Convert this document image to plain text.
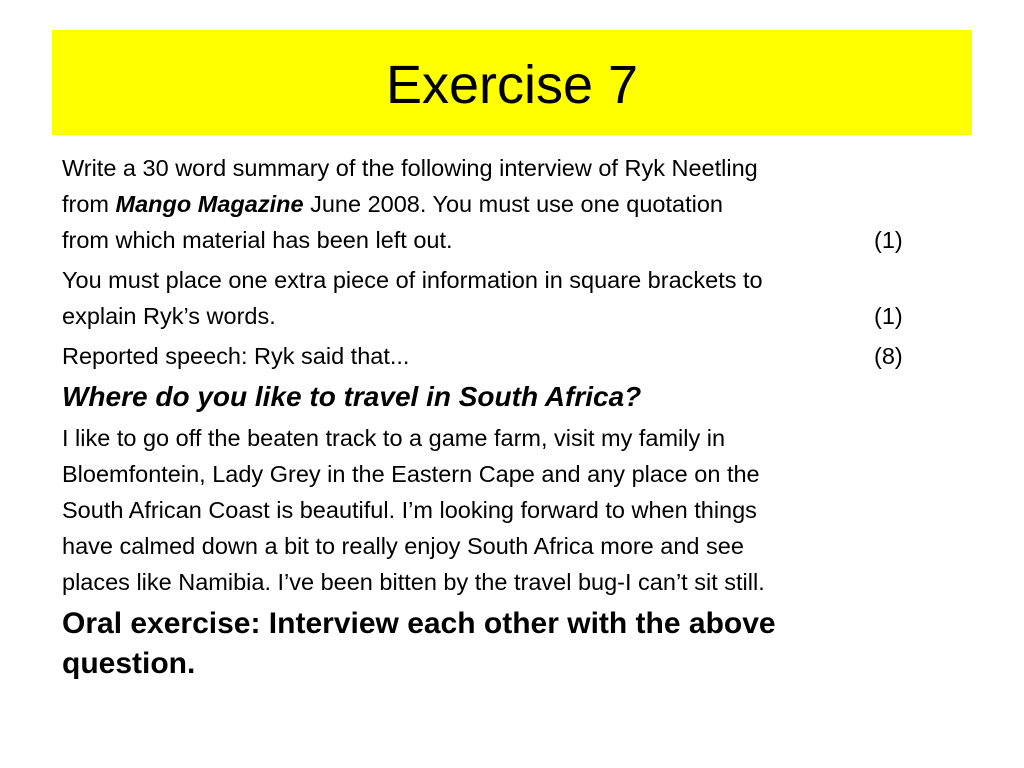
Exercise 7
Write a 30 word summary of the following interview of Ryk Neetling
from Mango Magazine June 2008. You must use one quotation
from which material has been left out.	(1)
You must place one extra piece of information in square brackets to
explain Ryk’s words.	(1)
Reported speech: Ryk said that...	(8)
Where do you like to travel in South Africa?
I like to go off the beaten track to a game farm, visit my family in
Bloemfontein, Lady Grey in the Eastern Cape and any place on the
South African Coast is beautiful. I’m looking forward to when things
have calmed down a bit to really enjoy South Africa more and see
places like Namibia. I’ve been bitten by the travel bug-I can’t sit still.
Oral exercise: Interview each other with the above
question.
